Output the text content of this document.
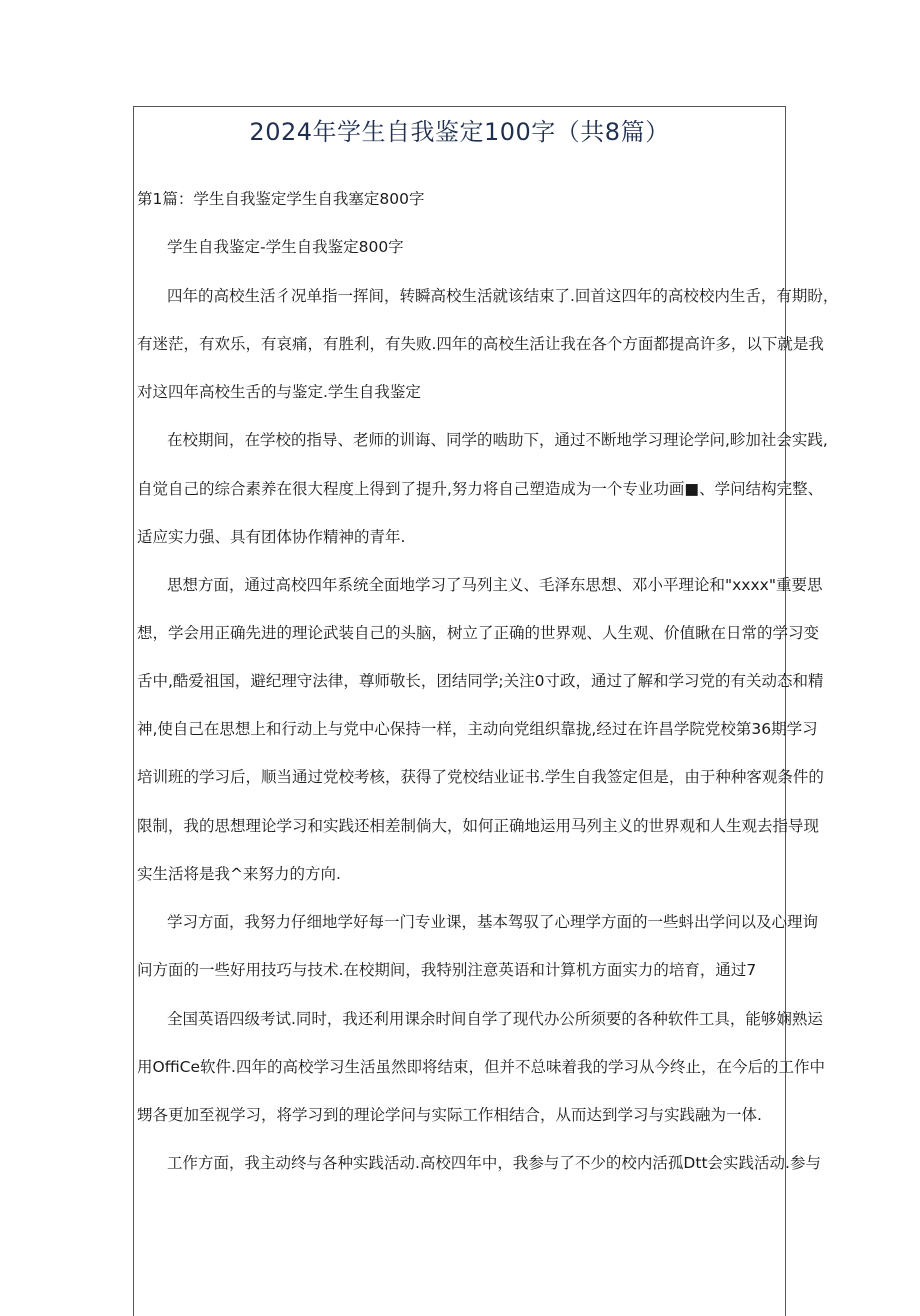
2024年学生自我鉴定100字（共8篇）
第1篇：学生自我鉴定学生自我塞定800字
学生自我鉴定-学生自我鉴定800字
四年的高校生活彳况单指一挥间，转瞬高校生活就该结束了.回首这四年的高校校内生舌，有期盼，
有迷茫，有欢乐，有哀痛，有胜利，有失败.四年的高校生活让我在各个方面都提高许多，以下就是我
对这四年高校生舌的与鉴定.学生自我鉴定
在校期间，在学校的指导、老师的训诲、同学的啮助下，通过不断地学习理论学问,畛加社会实践,
自觉自己的综合素养在很大程度上得到了提升,努力将自己塑造成为一个专业功画■、学问结构完整、
适应实力强、具有团体协作精神的青年.
思想方面，通过高校四年系统全面地学习了马列主义、毛泽东思想、邓小平理论和"xxxx"重要思
想，学会用正确先进的理论武装自己的头脑，树立了正确的世界观、人生观、价值瞅在日常的学习变
舌中,酷爱祖国，避纪理守法律，尊师敬长，团结同学;关注0寸政，通过了解和学习党的有关动态和精
神,使自己在思想上和行动上与党中心保持一样，主动向党组织靠拢,经过在许昌学院党校第36期学习
培训班的学习后，顺当通过党校考核，获得了党校结业证书.学生自我签定但是，由于种种客观条件的
限制，我的思想理论学习和实践还相差制倘大，如何正确地运用马列主义的世界观和人生观去指导现
实生活将是我^来努力的方向.
学习方面，我努力仔细地学好每一门专业课，基本驾驭了心理学方面的一些蚪出学问以及心理询
问方面的一些好用技巧与技术.在校期间，我特别注意英语和计算机方面实力的培育，通过7
全国英语四级考试.同时，我还利用课余时间自学了现代办公所须要的各种软件工具，能够娴熟运
用OffiCe软件.四年的高校学习生活虽然即将结束，但并不总味着我的学习从今终止，在今后的工作中
甥各更加至视学习，将学习到的理论学问与实际工作相结合，从而达到学习与实践融为一体.
工作方面，我主动终与各种实践活动.高校四年中，我参与了不少的校内活孤Dtt会实践活动.参与
